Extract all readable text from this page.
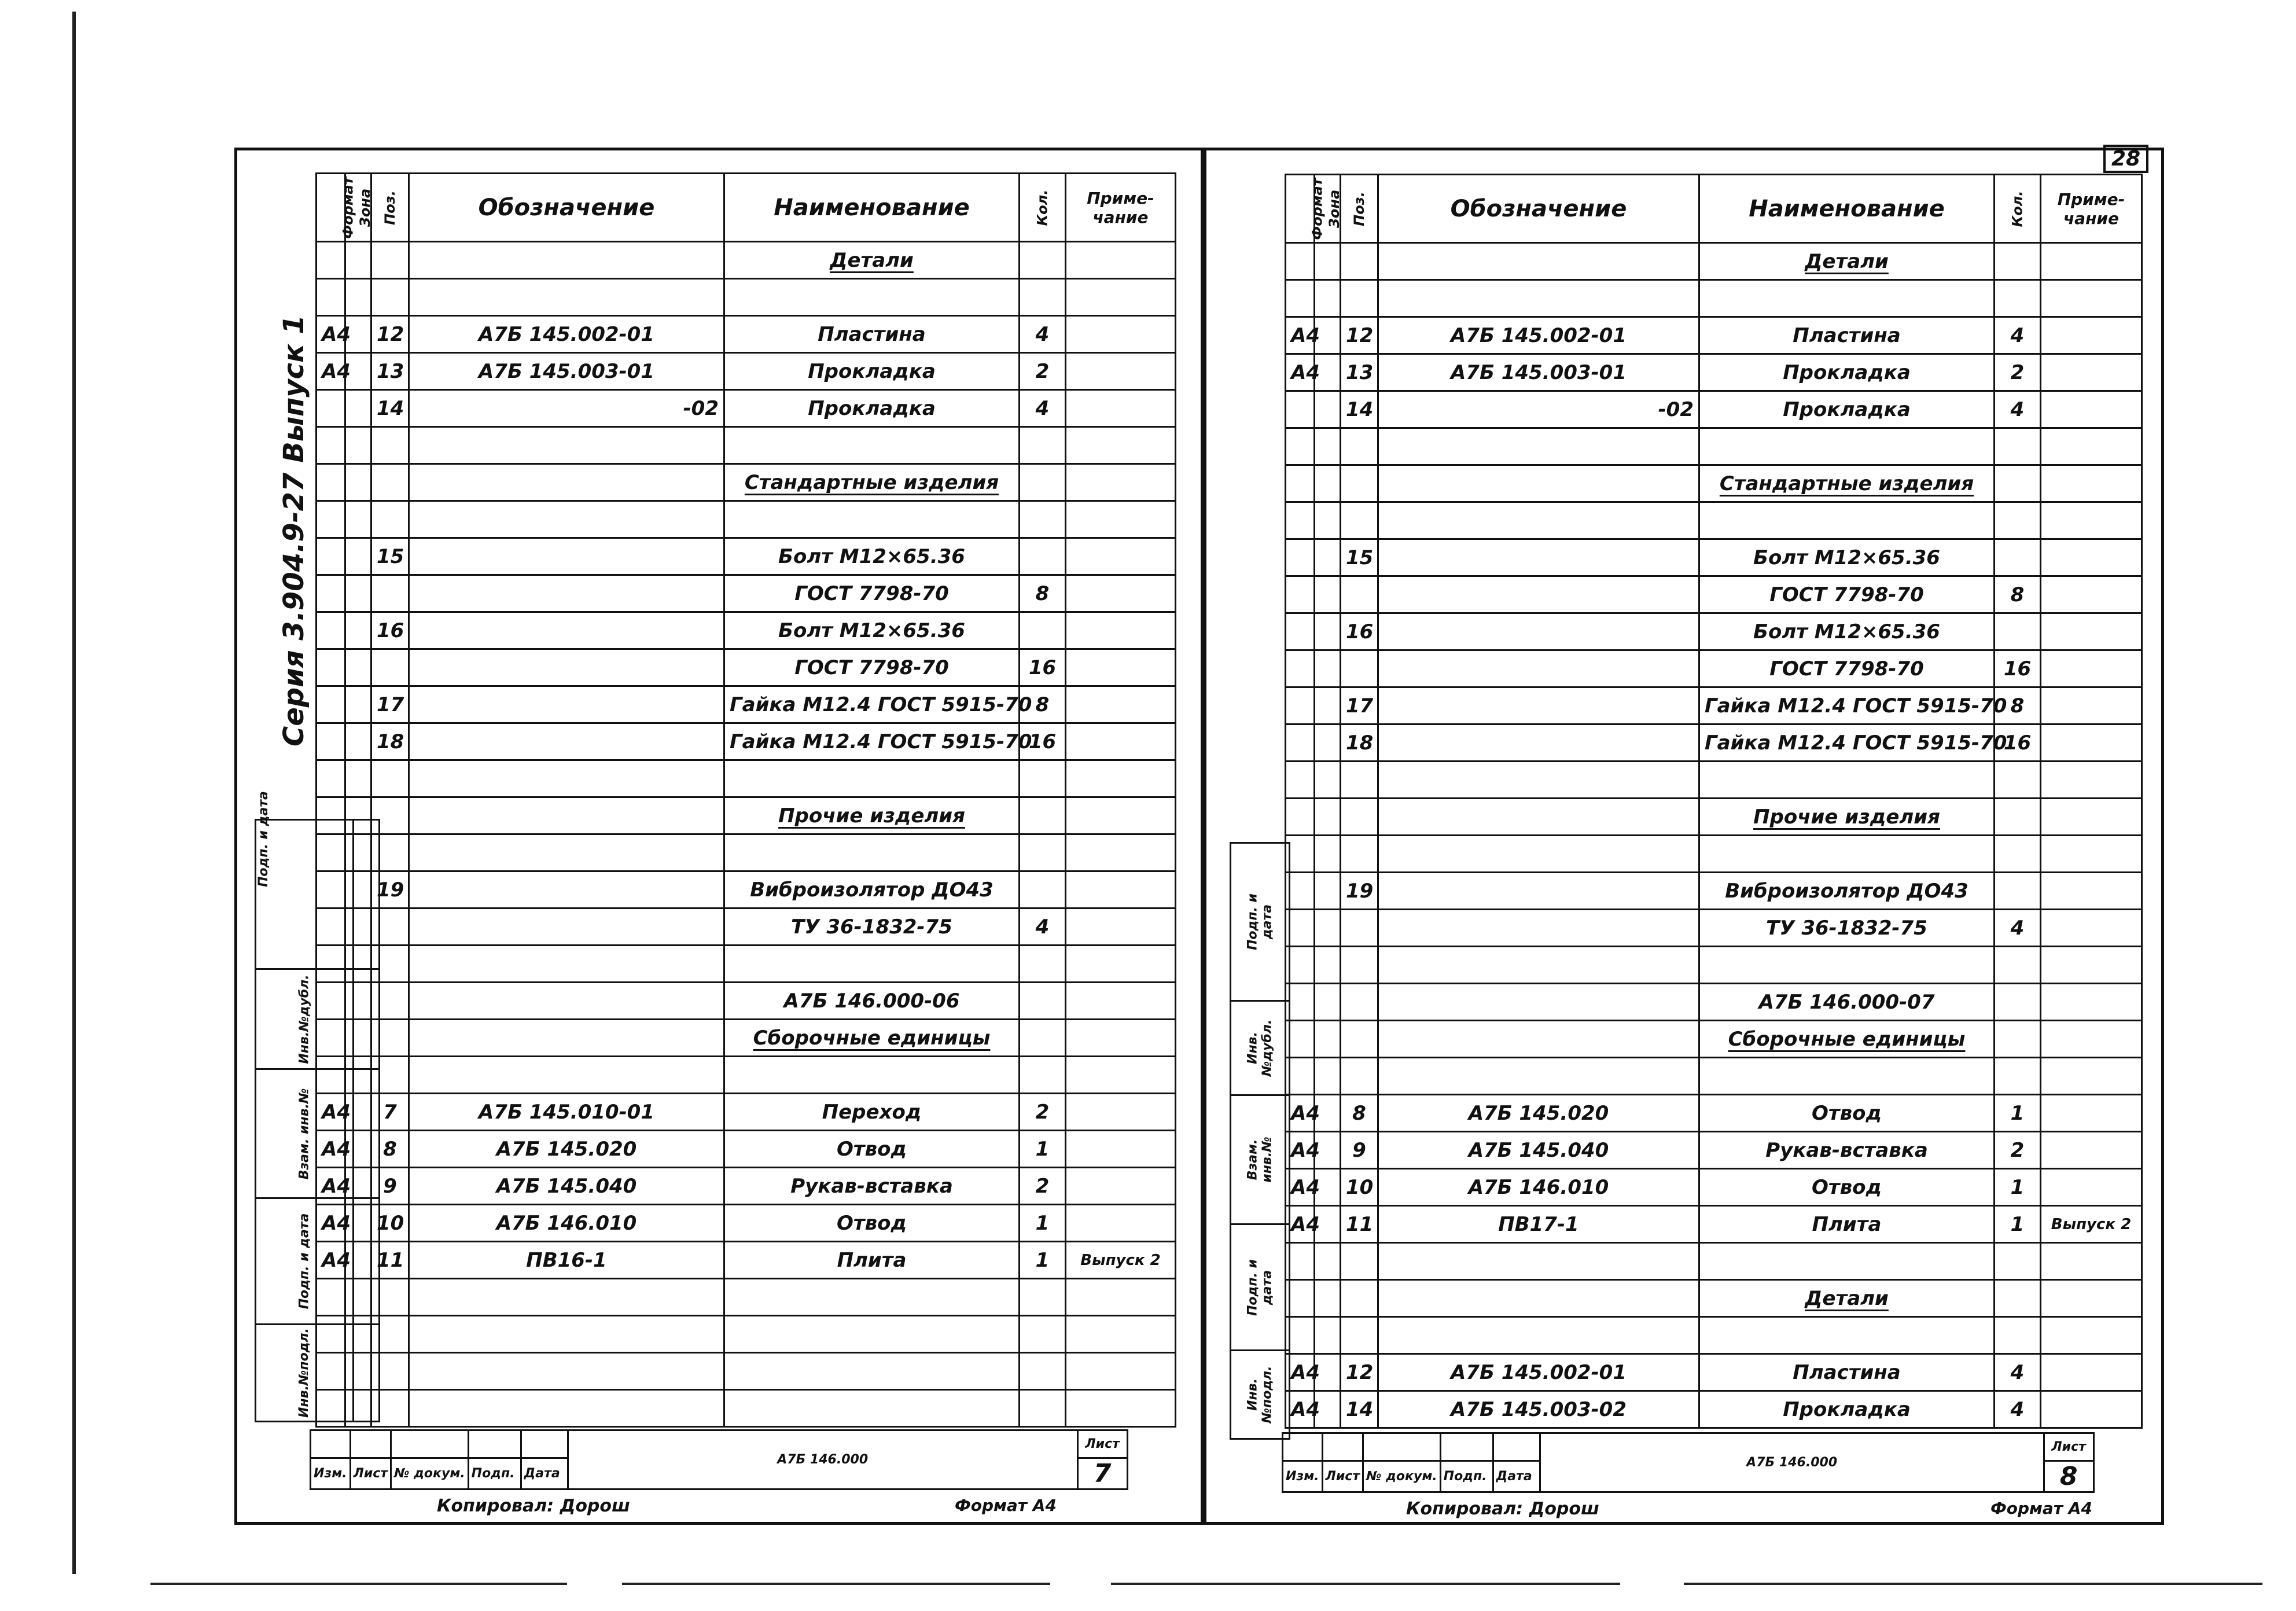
Серия 3.904.9-27 Выпуск 1
Подп. и дата	
Инв.№дубл.	
Взам. инв.№	
Подп. и дата	
Инв.№подл.	
Формат	Зона	Поз.	Обозначение	Наименование	Кол.	Приме-чание
				Детали		

А4		12	А7Б 145.002-01	Пластина	4	
А4		13	А7Б 145.003-01	Прокладка	2	
		14	-02	Прокладка	4	

				Стандартные изделия		

		15		Болт М12×65.36		
				ГОСТ 7798-70	8	
		16		Болт М12×65.36		
				ГОСТ 7798-70	16	
		17		Гайка М12.4 ГОСТ 5915-70	8	
		18		Гайка М12.4 ГОСТ 5915-70	16	

				Прочие изделия		

		19		Виброизолятор ДО43		
				ТУ 36-1832-75	4	

				А7Б 146.000-06		
				Сборочные единицы		

А4		7	А7Б 145.010-01	Переход	2	
А4		8	А7Б 145.020	Отвод	1	
А4		9	А7Б 145.040	Рукав-вставка	2	
А4		10	А7Б 146.010	Отвод	1	
А4		11	ПВ16-1	Плита	1	Выпуск 2

					А7Б 146.000	Лист
Изм.	Лист	№ докум.	Подп.	Дата		7
Копировал: Дорош	Формат А4
28
Подп. и дата
Инв.№дубл.
Взам. инв.№
Подп. и дата
Инв.№подл.
Формат	Зона	Поз.	Обозначение	Наименование	Кол.	Приме-чание
				Детали		

А4		12	А7Б 145.002-01	Пластина	4	
А4		13	А7Б 145.003-01	Прокладка	2	
		14	-02	Прокладка	4	

				Стандартные изделия		

		15		Болт М12×65.36		
				ГОСТ 7798-70	8	
		16		Болт М12×65.36		
				ГОСТ 7798-70	16	
		17		Гайка М12.4 ГОСТ 5915-70	8	
		18		Гайка М12.4 ГОСТ 5915-70	16	

				Прочие изделия		

		19		Виброизолятор ДО43		
				ТУ 36-1832-75	4	

				А7Б 146.000-07		
				Сборочные единицы		

А4		8	А7Б 145.020	Отвод	1	
А4		9	А7Б 145.040	Рукав-вставка	2	
А4		10	А7Б 146.010	Отвод	1	
А4		11	ПВ17-1	Плита	1	Выпуск 2

				Детали		

А4		12	А7Б 145.002-01	Пластина	4	
А4		14	А7Б 145.003-02	Прокладка	4	
					А7Б 146.000	Лист
Изм.	Лист	№ докум.	Подп.	Дата		8
Копировал: Дорош	Формат А4
